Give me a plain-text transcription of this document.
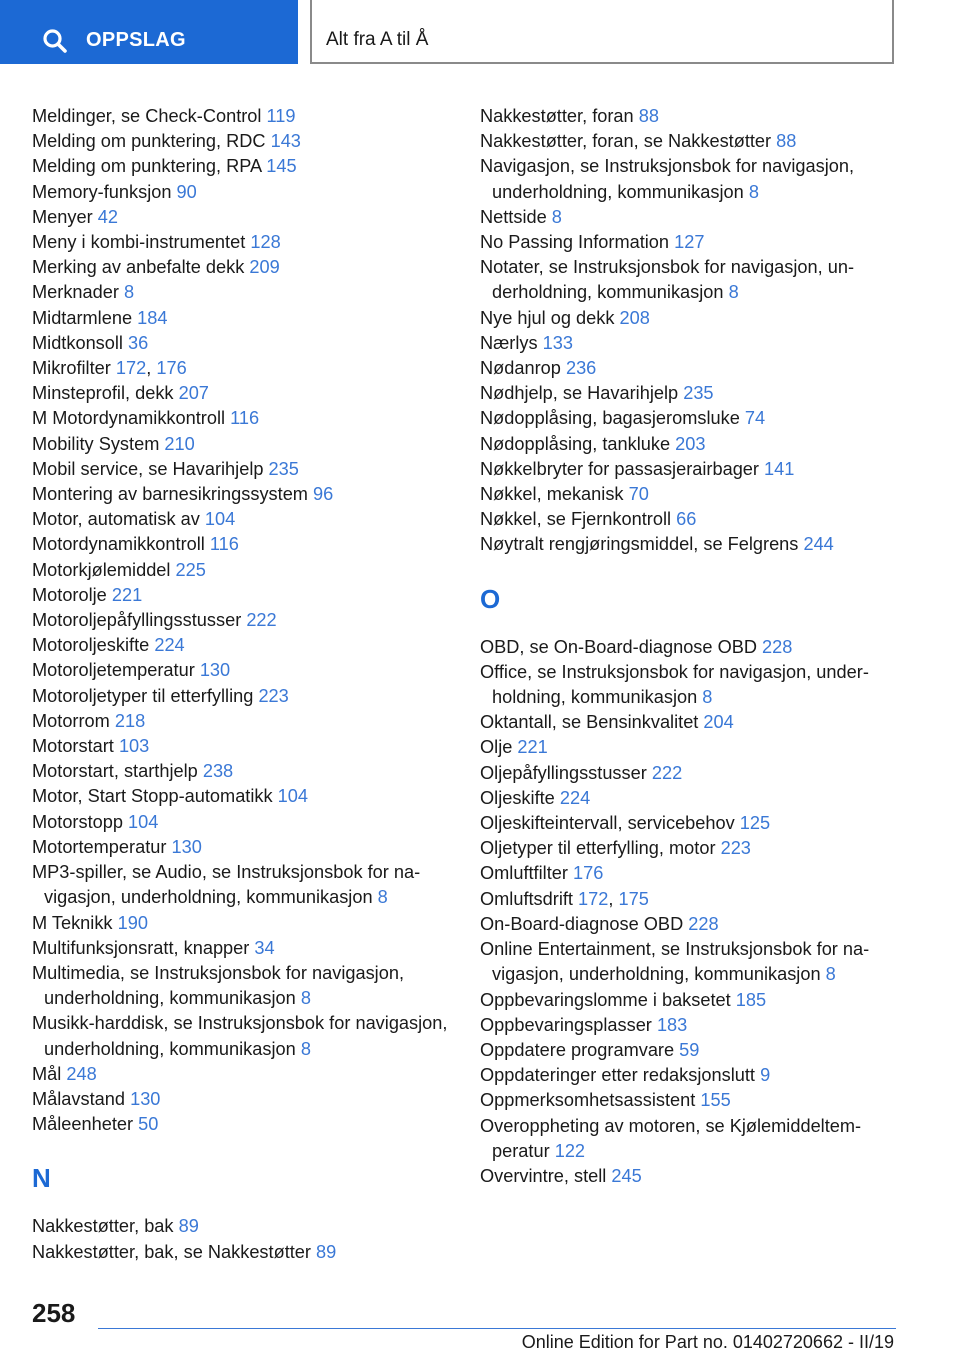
OPPSLAG	Alt fra A til Å
Meldinger, se Check-Control 119
Melding om punktering, RDC 143
Melding om punktering, RPA 145
Memory-funksjon 90
Menyer 42
Meny i kombi-instrumentet 128
Merking av anbefalte dekk 209
Merknader 8
Midtarmlene 184
Midtkonsoll 36
Mikrofilter 172, 176
Minsteprofil, dekk 207
M Motordynamikkontroll 116
Mobility System 210
Mobil service, se Havarihjelp 235
Montering av barnesikringssystem 96
Motor, automatisk av 104
Motordynamikkontroll 116
Motorkjølemiddel 225
Motorolje 221
Motoroljepåfyllingsstusser 222
Motoroljeskifte 224
Motoroljetemperatur 130
Motoroljetyper til etterfylling 223
Motorrom 218
Motorstart 103
Motorstart, starthjelp 238
Motor, Start Stopp-automatikk 104
Motorstopp 104
Motortemperatur 130
MP3-spiller, se Audio, se Instruksjonsbok for navigasjon, underholdning, kommunikasjon 8
M Teknikk 190
Multifunksjonsratt, knapper 34
Multimedia, se Instruksjonsbok for navigasjon, underholdning, kommunikasjon 8
Musikk-harddisk, se Instruksjonsbok for navigasjon, underholdning, kommunikasjon 8
Mål 248
Målavstand 130
Måleenheter 50
N
Nakkestøtter, bak 89
Nakkestøtter, bak, se Nakkestøtter 89
Nakkestøtter, foran 88
Nakkestøtter, foran, se Nakkestøtter 88
Navigasjon, se Instruksjonsbok for navigasjon, underholdning, kommunikasjon 8
Nettside 8
No Passing Information 127
Notater, se Instruksjonsbok for navigasjon, underholdning, kommunikasjon 8
Nye hjul og dekk 208
Nærlys 133
Nødanrop 236
Nødhjelp, se Havarihjelp 235
Nødopplåsing, bagasjeromsluke 74
Nødopplåsing, tankluke 203
Nøkkelbryter for passasjerairbager 141
Nøkkel, mekanisk 70
Nøkkel, se Fjernkontroll 66
Nøytralt rengjøringsmiddel, se Felgrens 244
O
OBD, se On-Board-diagnose OBD 228
Office, se Instruksjonsbok for navigasjon, underholdning, kommunikasjon 8
Oktantall, se Bensinkvalitet 204
Olje 221
Oljepåfyllingsstusser 222
Oljeskifte 224
Oljeskifteintervall, servicebehov 125
Oljetyper til etterfylling, motor 223
Omluftfilter 176
Omluftsdrift 172, 175
On-Board-diagnose OBD 228
Online Entertainment, se Instruksjonsbok for navigasjon, underholdning, kommunikasjon 8
Oppbevaringslomme i baksetet 185
Oppbevaringsplasser 183
Oppdatere programvare 59
Oppdateringer etter redaksjonslutt 9
Oppmerksomhetsassistent 155
Overoppheting av motoren, se Kjølemiddeltemperatur 122
Overvintre, stell 245
258
Online Edition for Part no. 01402720662 - II/19
